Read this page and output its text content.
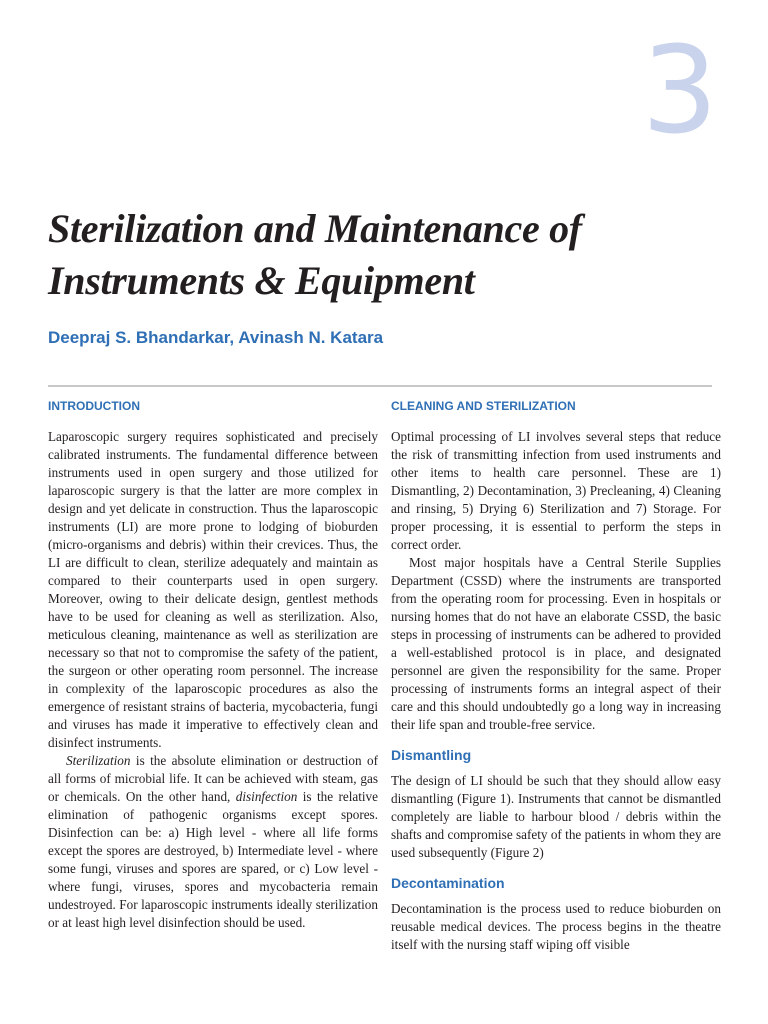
3
Sterilization and Maintenance of
Instruments & Equipment
Deepraj S. Bhandarkar, Avinash N. Katara
INTRODUCTION

Laparoscopic surgery requires sophisticated and precisely calibrated instruments. The fundamental difference between instruments used in open surgery and those utilized for laparoscopic surgery is that the latter are more complex in design and yet delicate in construction. Thus the laparoscopic instruments (LI) are more prone to lodging of bioburden (micro-organisms and debris) within their crevices. Thus, the LI are difficult to clean, sterilize adequately and maintain as compared to their counterparts used in open surgery. Moreover, owing to their delicate design, gentlest methods have to be used for cleaning as well as sterilization. Also, meticulous cleaning, maintenance as well as sterilization are necessary so that not to compromise the safety of the patient, the surgeon or other operating room personnel. The increase in complexity of the laparoscopic procedures as also the emergence of resistant strains of bacteria, mycobacteria, fungi and viruses has made it imperative to effectively clean and disinfect instruments.

Sterilization is the absolute elimination or destruction of all forms of microbial life. It can be achieved with steam, gas or chemicals. On the other hand, disinfection is the relative elimination of pathogenic organisms except spores. Disinfection can be: a) High level - where all life forms except the spores are destroyed, b) Intermediate level - where some fungi, viruses and spores are spared, or c) Low level - where fungi, viruses, spores and mycobacteria remain undestroyed. For laparoscopic instruments ideally sterilization or at least high level disinfection should be used.

CLEANING AND STERILIZATION

Optimal processing of LI involves several steps that reduce the risk of transmitting infection from used instruments and other items to health care personnel. These are 1) Dismantling, 2) Decontamination, 3) Precleaning, 4) Cleaning and rinsing, 5) Drying 6) Sterilization and 7) Storage. For proper processing, it is essential to perform the steps in correct order.

Most major hospitals have a Central Sterile Supplies Department (CSSD) where the instruments are transported from the operating room for processing. Even in hospitals or nursing homes that do not have an elaborate CSSD, the basic steps in processing of instruments can be adhered to provided a well-established protocol is in place, and designated personnel are given the responsibility for the same. Proper processing of instruments forms an integral aspect of their care and this should undoubtedly go a long way in increasing their life span and trouble-free service.

Dismantling

The design of LI should be such that they should allow easy dismantling (Figure 1). Instruments that cannot be dismantled completely are liable to harbour blood / debris within the shafts and compromise safety of the patients in whom they are used subsequently (Figure 2)

Decontamination

Decontamination is the process used to reduce bioburden on reusable medical devices. The process begins in the theatre itself with the nursing staff wiping off visible
